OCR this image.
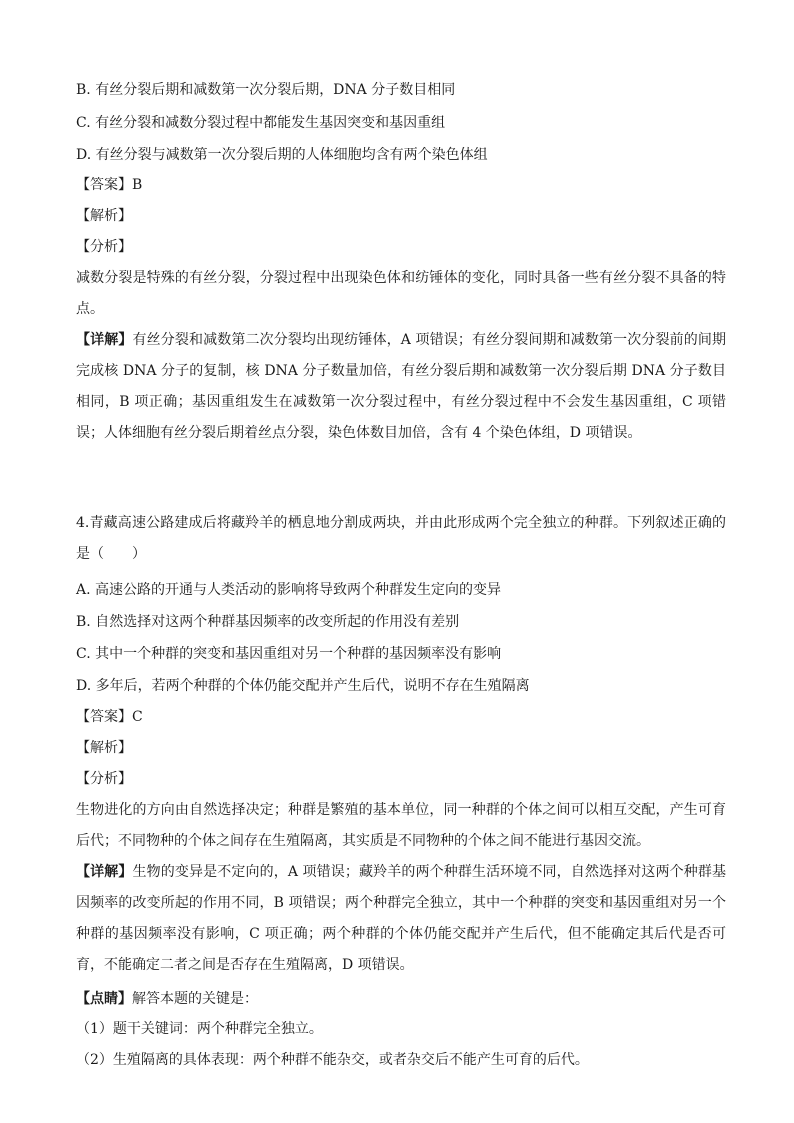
B. 有丝分裂后期和减数第一次分裂后期，DNA 分子数目相同
C. 有丝分裂和减数分裂过程中都能发生基因突变和基因重组
D. 有丝分裂与减数第一次分裂后期的人体细胞均含有两个染色体组
【答案】B
【解析】
【分析】
减数分裂是特殊的有丝分裂，分裂过程中出现染色体和纺锤体的变化，同时具备一些有丝分裂不具备的特点。
【详解】有丝分裂和减数第二次分裂均出现纺锤体，A 项错误；有丝分裂间期和减数第一次分裂前的间期完成核 DNA 分子的复制，核 DNA 分子数量加倍，有丝分裂后期和减数第一次分裂后期 DNA 分子数目相同，B 项正确；基因重组发生在减数第一次分裂过程中，有丝分裂过程中不会发生基因重组，C 项错误；人体细胞有丝分裂后期着丝点分裂，染色体数目加倍，含有 4 个染色体组，D 项错误。
4.青藏高速公路建成后将藏羚羊的栖息地分割成两块，并由此形成两个完全独立的种群。下列叙述正确的是（　　）
A. 高速公路的开通与人类活动的影响将导致两个种群发生定向的变异
B. 自然选择对这两个种群基因频率的改变所起的作用没有差别
C. 其中一个种群的突变和基因重组对另一个种群的基因频率没有影响
D. 多年后，若两个种群的个体仍能交配并产生后代，说明不存在生殖隔离
【答案】C
【解析】
【分析】
生物进化的方向由自然选择决定；种群是繁殖的基本单位，同一种群的个体之间可以相互交配，产生可育后代；不同物种的个体之间存在生殖隔离，其实质是不同物种的个体之间不能进行基因交流。
【详解】生物的变异是不定向的，A 项错误；藏羚羊的两个种群生活环境不同，自然选择对这两个种群基因频率的改变所起的作用不同，B 项错误；两个种群完全独立，其中一个种群的突变和基因重组对另一个种群的基因频率没有影响，C 项正确；两个种群的个体仍能交配并产生后代，但不能确定其后代是否可育，不能确定二者之间是否存在生殖隔离，D 项错误。
【点睛】解答本题的关键是：
（1）题干关键词：两个种群完全独立。
（2）生殖隔离的具体表现：两个种群不能杂交，或者杂交后不能产生可育的后代。
